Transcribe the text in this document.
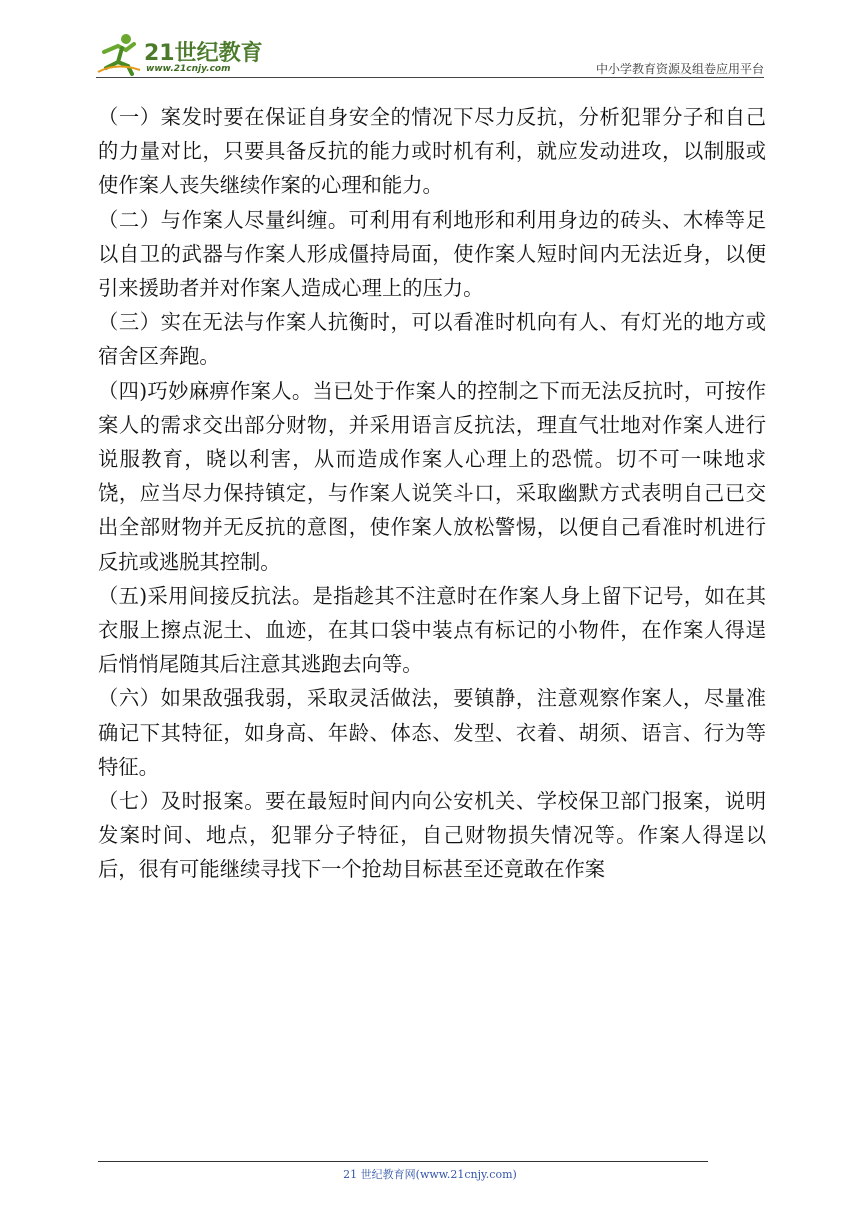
21世纪教育
www.21cnjy.com	中小学教育资源及组卷应用平台

（一）案发时要在保证自身安全的情况下尽力反抗，分析犯罪分子和自己的力量对比，只要具备反抗的能力或时机有利，就应发动进攻，以制服或使作案人丧失继续作案的心理和能力。

（二）与作案人尽量纠缠。可利用有利地形和利用身边的砖头、木棒等足以自卫的武器与作案人形成僵持局面，使作案人短时间内无法近身，以便引来援助者并对作案人造成心理上的压力。

（三）实在无法与作案人抗衡时，可以看准时机向有人、有灯光的地方或宿舍区奔跑。

（四)巧妙麻痹作案人。当已处于作案人的控制之下而无法反抗时，可按作案人的需求交出部分财物，并采用语言反抗法，理直气壮地对作案人进行说服教育，晓以利害，从而造成作案人心理上的恐慌。切不可一味地求饶，应当尽力保持镇定，与作案人说笑斗口，采取幽默方式表明自己已交出全部财物并无反抗的意图，使作案人放松警惕，以便自己看准时机进行反抗或逃脱其控制。

（五)采用间接反抗法。是指趁其不注意时在作案人身上留下记号，如在其衣服上擦点泥土、血迹，在其口袋中装点有标记的小物件，在作案人得逞后悄悄尾随其后注意其逃跑去向等。

（六）如果敌强我弱，采取灵活做法，要镇静，注意观察作案人，尽量准确记下其特征，如身高、年龄、体态、发型、衣着、胡须、语言、行为等特征。

（七）及时报案。要在最短时间内向公安机关、学校保卫部门报案，说明发案时间、地点，犯罪分子特征，自己财物损失情况等。作案人得逞以后，很有可能继续寻找下一个抢劫目标甚至还竟敢在作案

21 世纪教育网(www.21cnjy.com)
